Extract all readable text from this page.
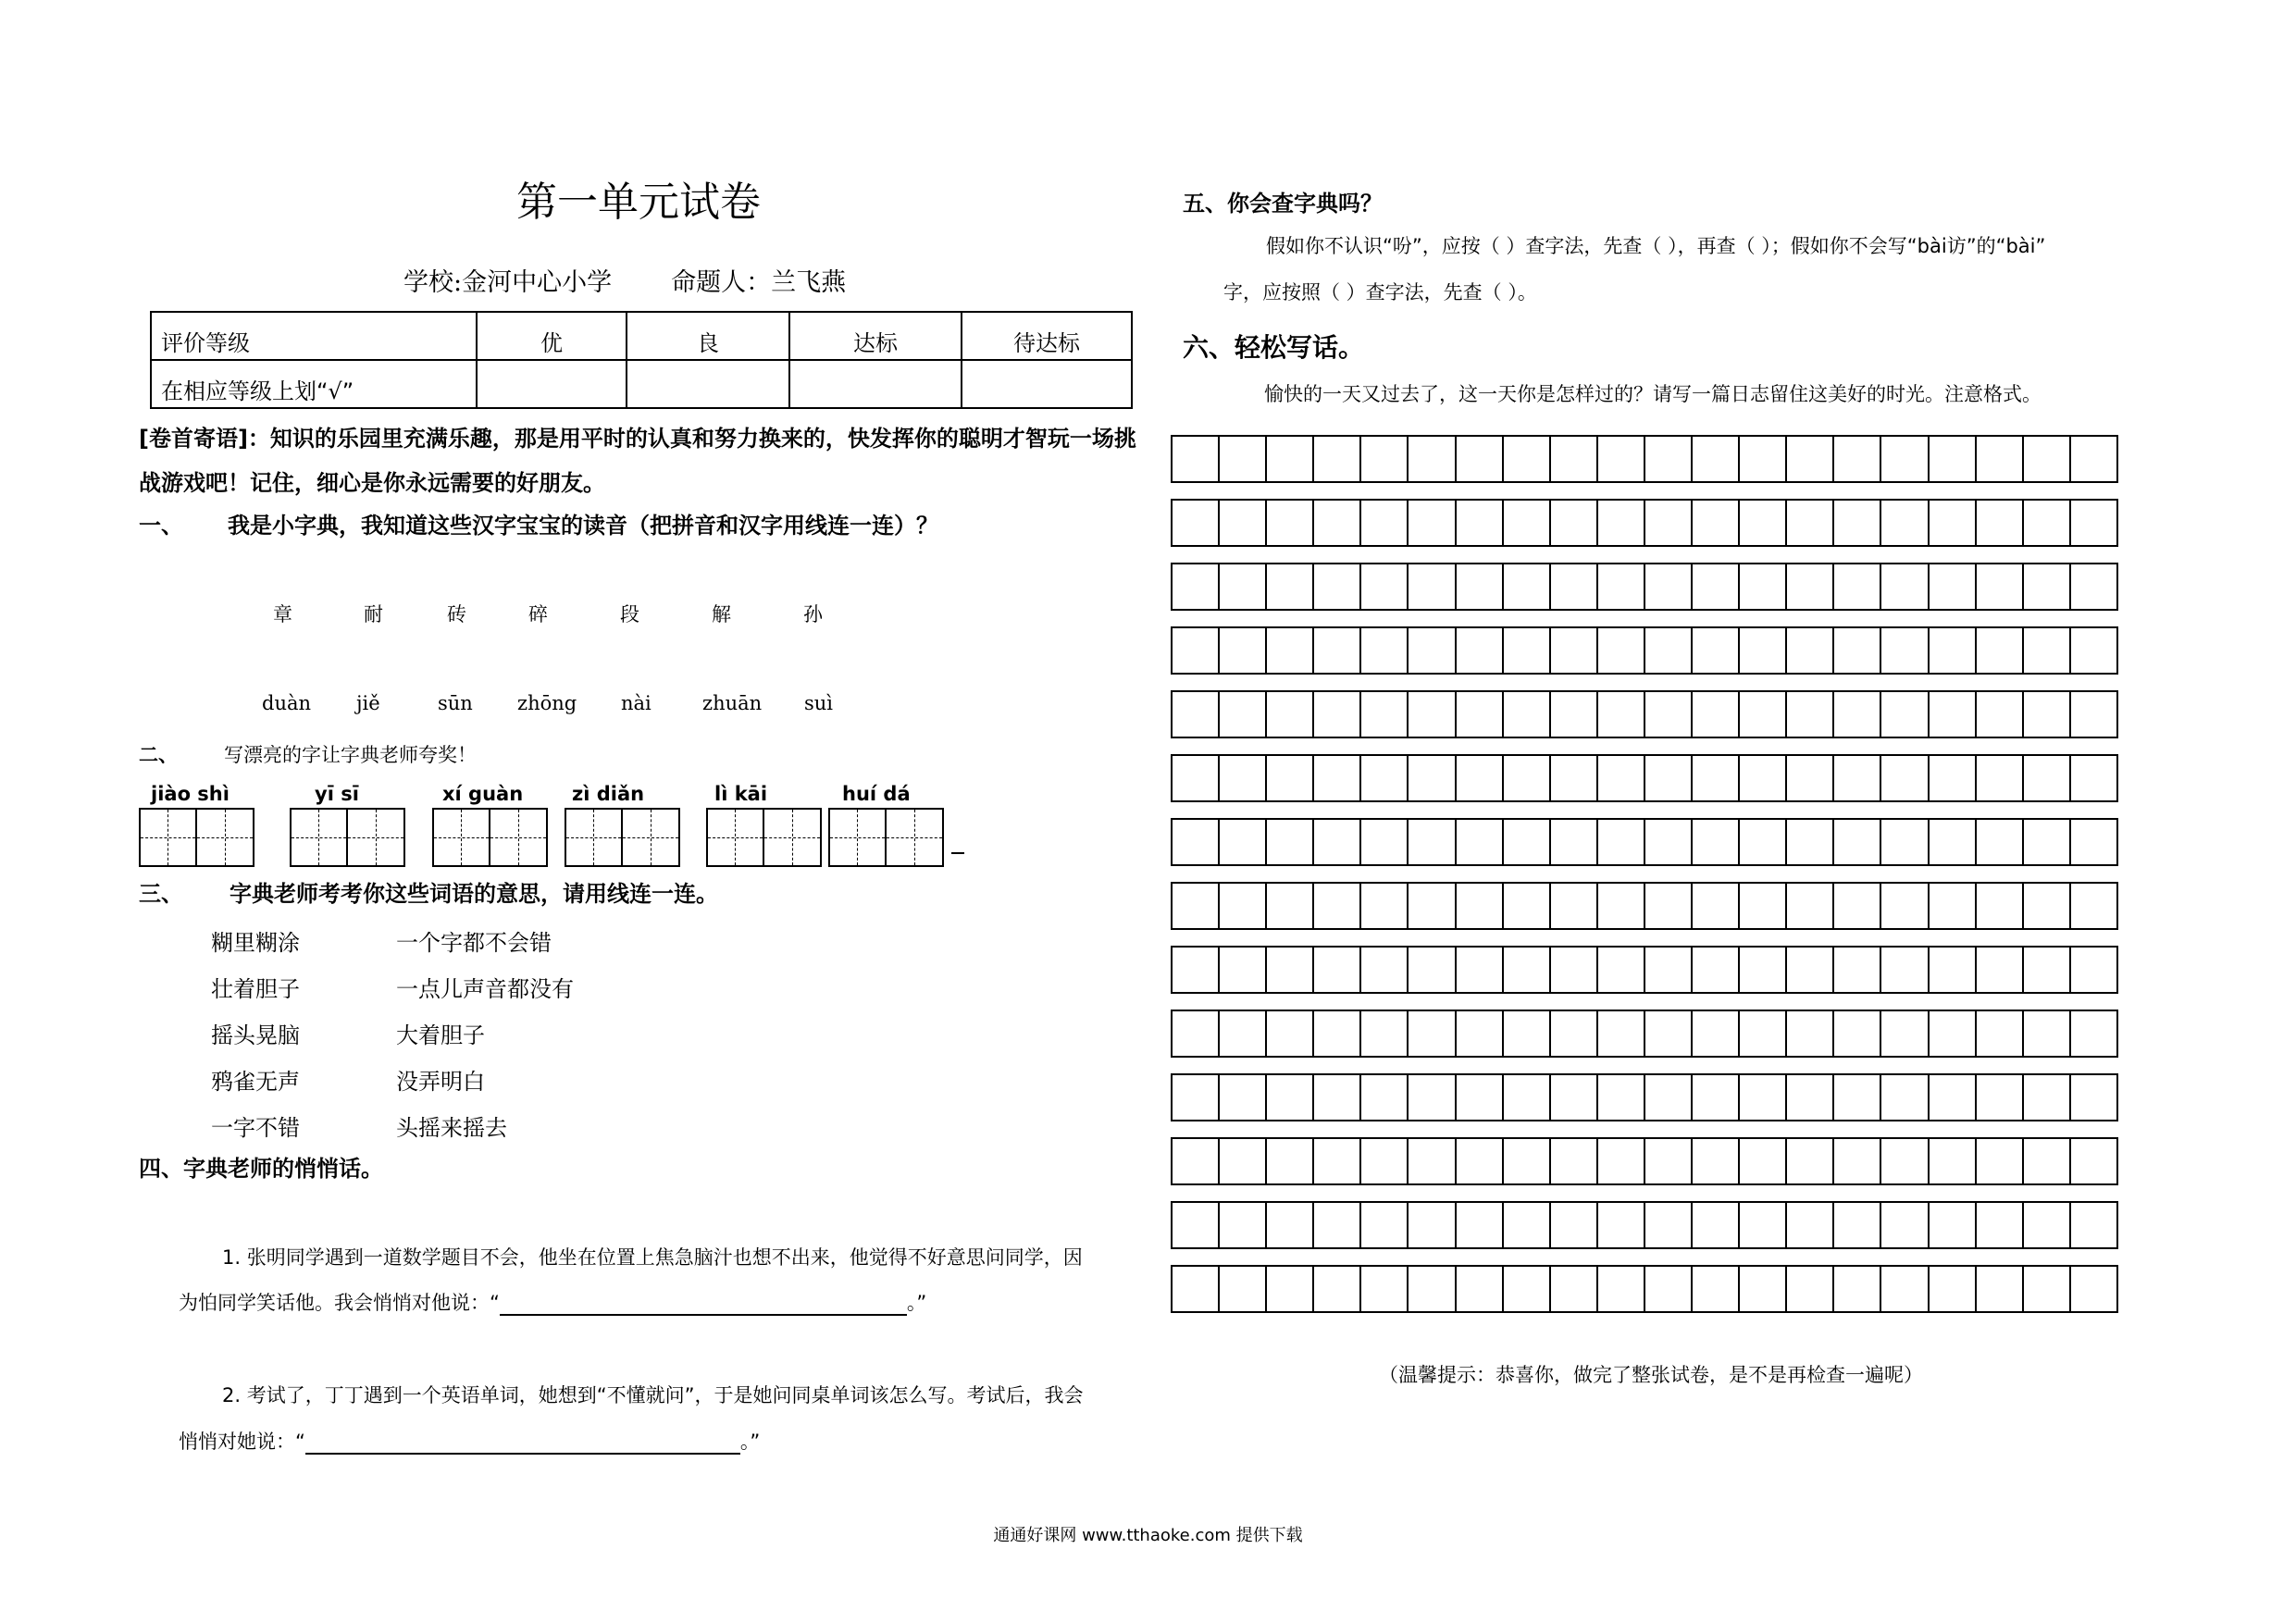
第一单元试卷
学校:金河中心小学 命题人：兰飞燕
评价等级	优	良	达标	待达标
在相应等级上划“√”				
[卷首寄语]：知识的乐园里充满乐趣，那是用平时的认真和努力换来的，快发挥你的聪明才智玩一场挑战游戏吧！记住，细心是你永远需要的好朋友。
一、 我是小字典，我知道这些汉字宝宝的读音（把拼音和汉字用线连一连）？
章	耐	砖	碎	段	解	孙
duàn jiě	sūn zhōng nài	zhuān suì
二、 写漂亮的字让字典老师夸奖！
jiào shì	yī sī	xí guàn	zì diǎn	lì kāi	huí dá
三、 字典老师考考你这些词语的意思，请用线连一连。
糊里糊涂
壮着胆子
摇头晃脑
鸦雀无声
一字不错
一个字都不会错
一点儿声音都没有
大着胆子
没弄明白
头摇来摇去
四、字典老师的悄悄话。
1. 张明同学遇到一道数学题目不会，他坐在位置上焦急脑汁也想不出来，他觉得不好意思问同学，因
为怕同学笑话他。我会悄悄对他说：“	。”
2. 考试了，丁丁遇到一个英语单词，她想到“不懂就问”，于是她问同桌单词该怎么写。考试后，我会
悄悄对她说：“	。”
五、你会查字典吗？
假如你不认识“吩”，应按（ ）查字法，先查（ ），再查（ ）；假如你不会写“bài访”的“bài”
字，应按照（ ）查字法，先查（ ）。
六、轻松写话。
愉快的一天又过去了，这一天你是怎样过的？请写一篇日志留住这美好的时光。注意格式。
（温馨提示：恭喜你，做完了整张试卷，是不是再检查一遍呢）
通通好课网 www.tthaoke.com 提供下载
